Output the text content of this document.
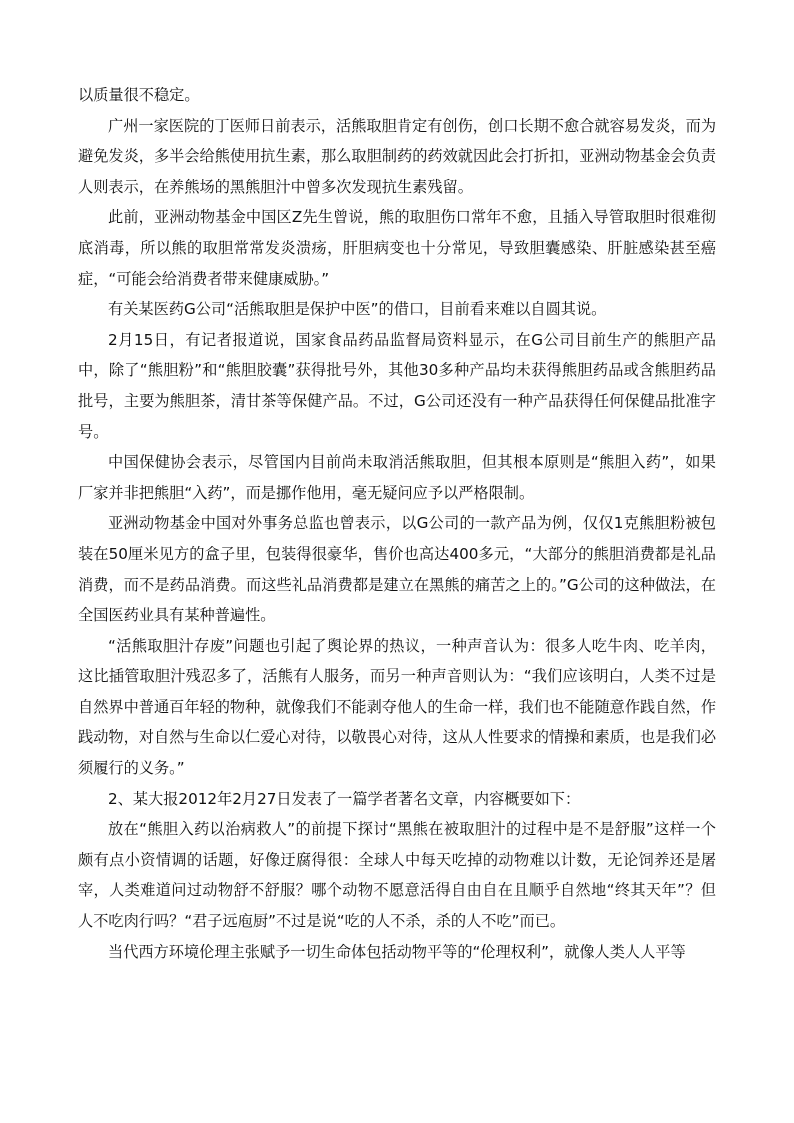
以质量很不稳定。

广州一家医院的丁医师日前表示，活熊取胆肯定有创伤，创口长期不愈合就容易发炎，而为避免发炎，多半会给熊使用抗生素，那么取胆制药的药效就因此会打折扣，亚洲动物基金会负责人则表示，在养熊场的黑熊胆汁中曾多次发现抗生素残留。

此前，亚洲动物基金中国区Z先生曾说，熊的取胆伤口常年不愈，且插入导管取胆时很难彻底消毒，所以熊的取胆常常发炎溃疡，肝胆病变也十分常见，导致胆囊感染、肝脏感染甚至癌症，“可能会给消费者带来健康威胁。”

有关某医药G公司“活熊取胆是保护中医”的借口，目前看来难以自圆其说。

2月15日，有记者报道说，国家食品药品监督局资料显示，在G公司目前生产的熊胆产品中，除了“熊胆粉”和“熊胆胶囊”获得批号外，其他30多种产品均未获得熊胆药品或含熊胆药品批号，主要为熊胆茶，清甘茶等保健产品。不过，G公司还没有一种产品获得任何保健品批准字号。

中国保健协会表示，尽管国内目前尚未取消活熊取胆，但其根本原则是“熊胆入药”，如果厂家并非把熊胆“入药”，而是挪作他用，毫无疑问应予以严格限制。

亚洲动物基金中国对外事务总监也曾表示，以G公司的一款产品为例，仅仅1克熊胆粉被包装在50厘米见方的盒子里，包装得很豪华，售价也高达400多元，“大部分的熊胆消费都是礼品消费，而不是药品消费。而这些礼品消费都是建立在黑熊的痛苦之上的。”G公司的这种做法，在全国医药业具有某种普遍性。

“活熊取胆汁存废”问题也引起了舆论界的热议，一种声音认为：很多人吃牛肉、吃羊肉，这比插管取胆汁残忍多了，活熊有人服务，而另一种声音则认为：“我们应该明白，人类不过是自然界中普通百年轻的物种，就像我们不能剥夺他人的生命一样，我们也不能随意作践自然，作践动物，对自然与生命以仁爱心对待，以敬畏心对待，这从人性要求的情操和素质，也是我们必须履行的义务。”

2、某大报2012年2月27日发表了一篇学者著名文章，内容概要如下：

放在“熊胆入药以治病救人”的前提下探讨“黑熊在被取胆汁的过程中是不是舒服”这样一个颇有点小资情调的话题，好像迂腐得很：全球人中每天吃掉的动物难以计数，无论饲养还是屠宰，人类难道问过动物舒不舒服？哪个动物不愿意活得自由自在且顺乎自然地“终其天年”？但人不吃肉行吗？“君子远庖厨”不过是说“吃的人不杀，杀的人不吃”而已。

当代西方环境伦理主张赋予一切生命体包括动物平等的“伦理权利”，就像人类人人平等
